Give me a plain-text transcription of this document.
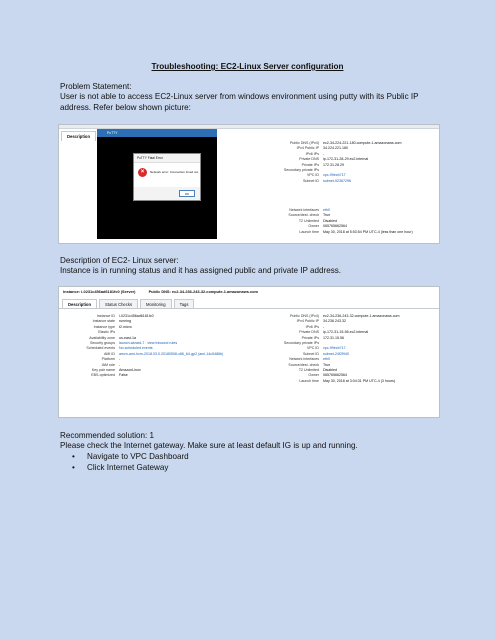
Troubleshooting: EC2-Linux Server configuration
Problem Statement:
User is not able to access EC2-Linux server from windows environment using putty with its Public IP address. Refer below shown picture:
Description
PuTTY
PuTTY Fatal Error
×	Network error: Connection timed out
OK
Public DNS (IPv4)	ec2-34-224-221-180.compute-1.amazonaws.com
IPv4 Public IP	34.224.221.180
IPv6 IPs	-
Private DNS	ip-172-31-28-29.ec2.internal
Private IPs	172.31.28.29
Secondary private IPs
VPC ID	vpc-99ecb717
Subnet ID	subnet-92367296
Network interfaces	eth0
Source/dest. check	True
T2 Unlimited	Disabled
Owner	065765662564
Launch time	May 30, 2018 at 5:53:54 PM UTC-4 (less than one hour)
Description of EC2- Linux server:
Instance is in running status and it has assigned public and private IP address.
Instance: i-0231c456ad6181fc0 (Server)	Public DNS: ec2-34-236-243-32.compute-1.amazonaws.com
Description	Status Checks	Monitoring	Tags
Instance ID	i-0231c456ad6181fc0
Instance state	running
Instance type	t2.micro
Elastic IPs
Availability zone	us-east-1a
Security groups	launch-wizard-7 . view inbound rules
Scheduled events	No scheduled events
AMI ID	amzn-ami-hvm-2018.03.0.20180508-x86_64-gp2 (ami-14c5486b)
Platform	-
IAM role	-
Key pair name	AmazonLinux
EBS-optimized	False
Public DNS (IPv4)	ec2-34-236-243-32.compute-1.amazonaws.com
IPv4 Public IP	34.236.243.32
IPv6 IPs	-
Private DNS	ip-172-31-15-56.ec2.internal
Private IPs	172.31.15.56
Secondary private IPs
VPC ID	vpc-99ecb717
Subnet ID	subnet-24f2f940
Network interfaces	eth0
Source/dest. check	True
T2 Unlimited	Disabled
Owner	065765662564
Launch time	May 30, 2018 at 3:04:31 PM UTC-4 (3 hours)
Recommended solution: 1
Please check the Internet gateway. Make sure at least default IG is up and running.
•	Navigate to VPC Dashboard
•	Click Internet Gateway
